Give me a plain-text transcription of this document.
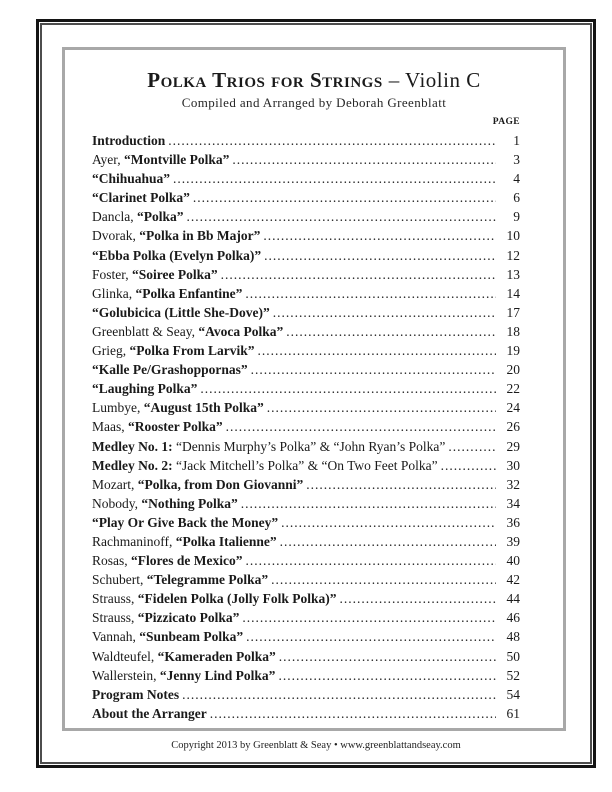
Polka Trios for Strings – Violin C
Compiled and Arranged by Deborah Greenblatt
PAGE
Introduction .....	1
Ayer, “Montville Polka” .....	3
“Chihuahua” .....	4
“Clarinet Polka” .....	6
Dancla, “Polka” .....	9
Dvorak, “Polka in Bb Major” .....	10
“Ebba Polka (Evelyn Polka)” .....	12
Foster, “Soiree Polka” .....	13
Glinka, “Polka Enfantine” .....	14
“Golubicica (Little She-Dove)” .....	17
Greenblatt & Seay, “Avoca Polka” .....	18
Grieg, “Polka From Larvik” .....	19
“Kalle Pe/Grashoppornas” .....	20
“Laughing Polka” .....	22
Lumbye, “August 15th Polka” .....	24
Maas, “Rooster Polka” .....	26
Medley No. 1: “Dennis Murphy’s Polka” & “John Ryan’s Polka” .....	29
Medley No. 2: “Jack Mitchell’s Polka” & “On Two Feet Polka” .....	30
Mozart, “Polka, from Don Giovanni” .....	32
Nobody, “Nothing Polka” .....	34
“Play Or Give Back the Money” .....	36
Rachmaninoff, “Polka Italienne” .....	39
Rosas, “Flores de Mexico” .....	40
Schubert, “Telegramme Polka” .....	42
Strauss, “Fidelen Polka (Jolly Folk Polka)” .....	44
Strauss, “Pizzicato Polka” .....	46
Vannah, “Sunbeam Polka” .....	48
Waldteufel, “Kameraden Polka” .....	50
Wallerstein, “Jenny Lind Polka” .....	52
Program Notes .....	54
About the Arranger .....	61
Copyright 2013 by Greenblatt & Seay • www.greenblattandseay.com
